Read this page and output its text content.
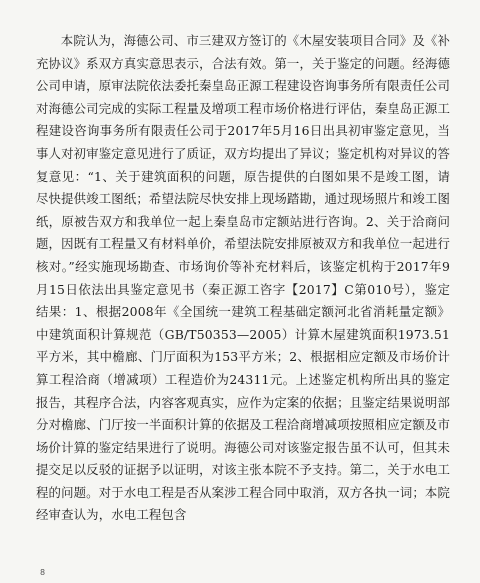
本院认为，海德公司、市三建双方签订的《木屋安装项目合同》及《补充协议》系双方真实意思表示，合法有效。第一，关于鉴定的问题。经海德公司申请，原审法院依法委托秦皇岛正源工程建设咨询事务所有限责任公司对海德公司完成的实际工程量及增项工程市场价格进行评估，秦皇岛正源工程建设咨询事务所有限责任公司于2017年5月16日出具初审鉴定意见，当事人对初审鉴定意见进行了质证，双方均提出了异议；鉴定机构对异议的答复意见：“1、关于建筑面积的问题，原告提供的白图如果不是竣工图，请尽快提供竣工图纸；希望法院尽快安排上现场踏勘，通过现场照片和竣工图纸，原被告双方和我单位一起上秦皇岛市定额站进行咨询。2、关于洽商问题，因既有工程量又有材料单价，希望法院安排原被双方和我单位一起进行核对。”经实施现场勘查、市场询价等补充材料后，该鉴定机构于2017年9月15日依法出具鉴定意见书（秦正源工咨字【2017】C第010号），鉴定结果：1、根据2008年《全国统一建筑工程基础定额河北省消耗量定额》中建筑面积计算规范（GB/T50353—2005）计算木屋建筑面积1973.51平方米，其中檐廊、门厅面积为153平方米；2、根据相应定额及市场价计算工程洽商（增减项）工程造价为24311元。上述鉴定机构所出具的鉴定报告，其程序合法，内容客观真实，应作为定案的依据；且鉴定结果说明部分对檐廊、门厅按一半面积计算的依据及工程洽商增减项按照相应定额及市场价计算的鉴定结果进行了说明。海德公司对该鉴定报告虽不认可，但其未提交足以反驳的证据予以证明，对该主张本院不予支持。第二，关于水电工程的问题。对于水电工程是否从案涉工程合同中取消，双方各执一词；本院经审查认为，水电工程包含

8
